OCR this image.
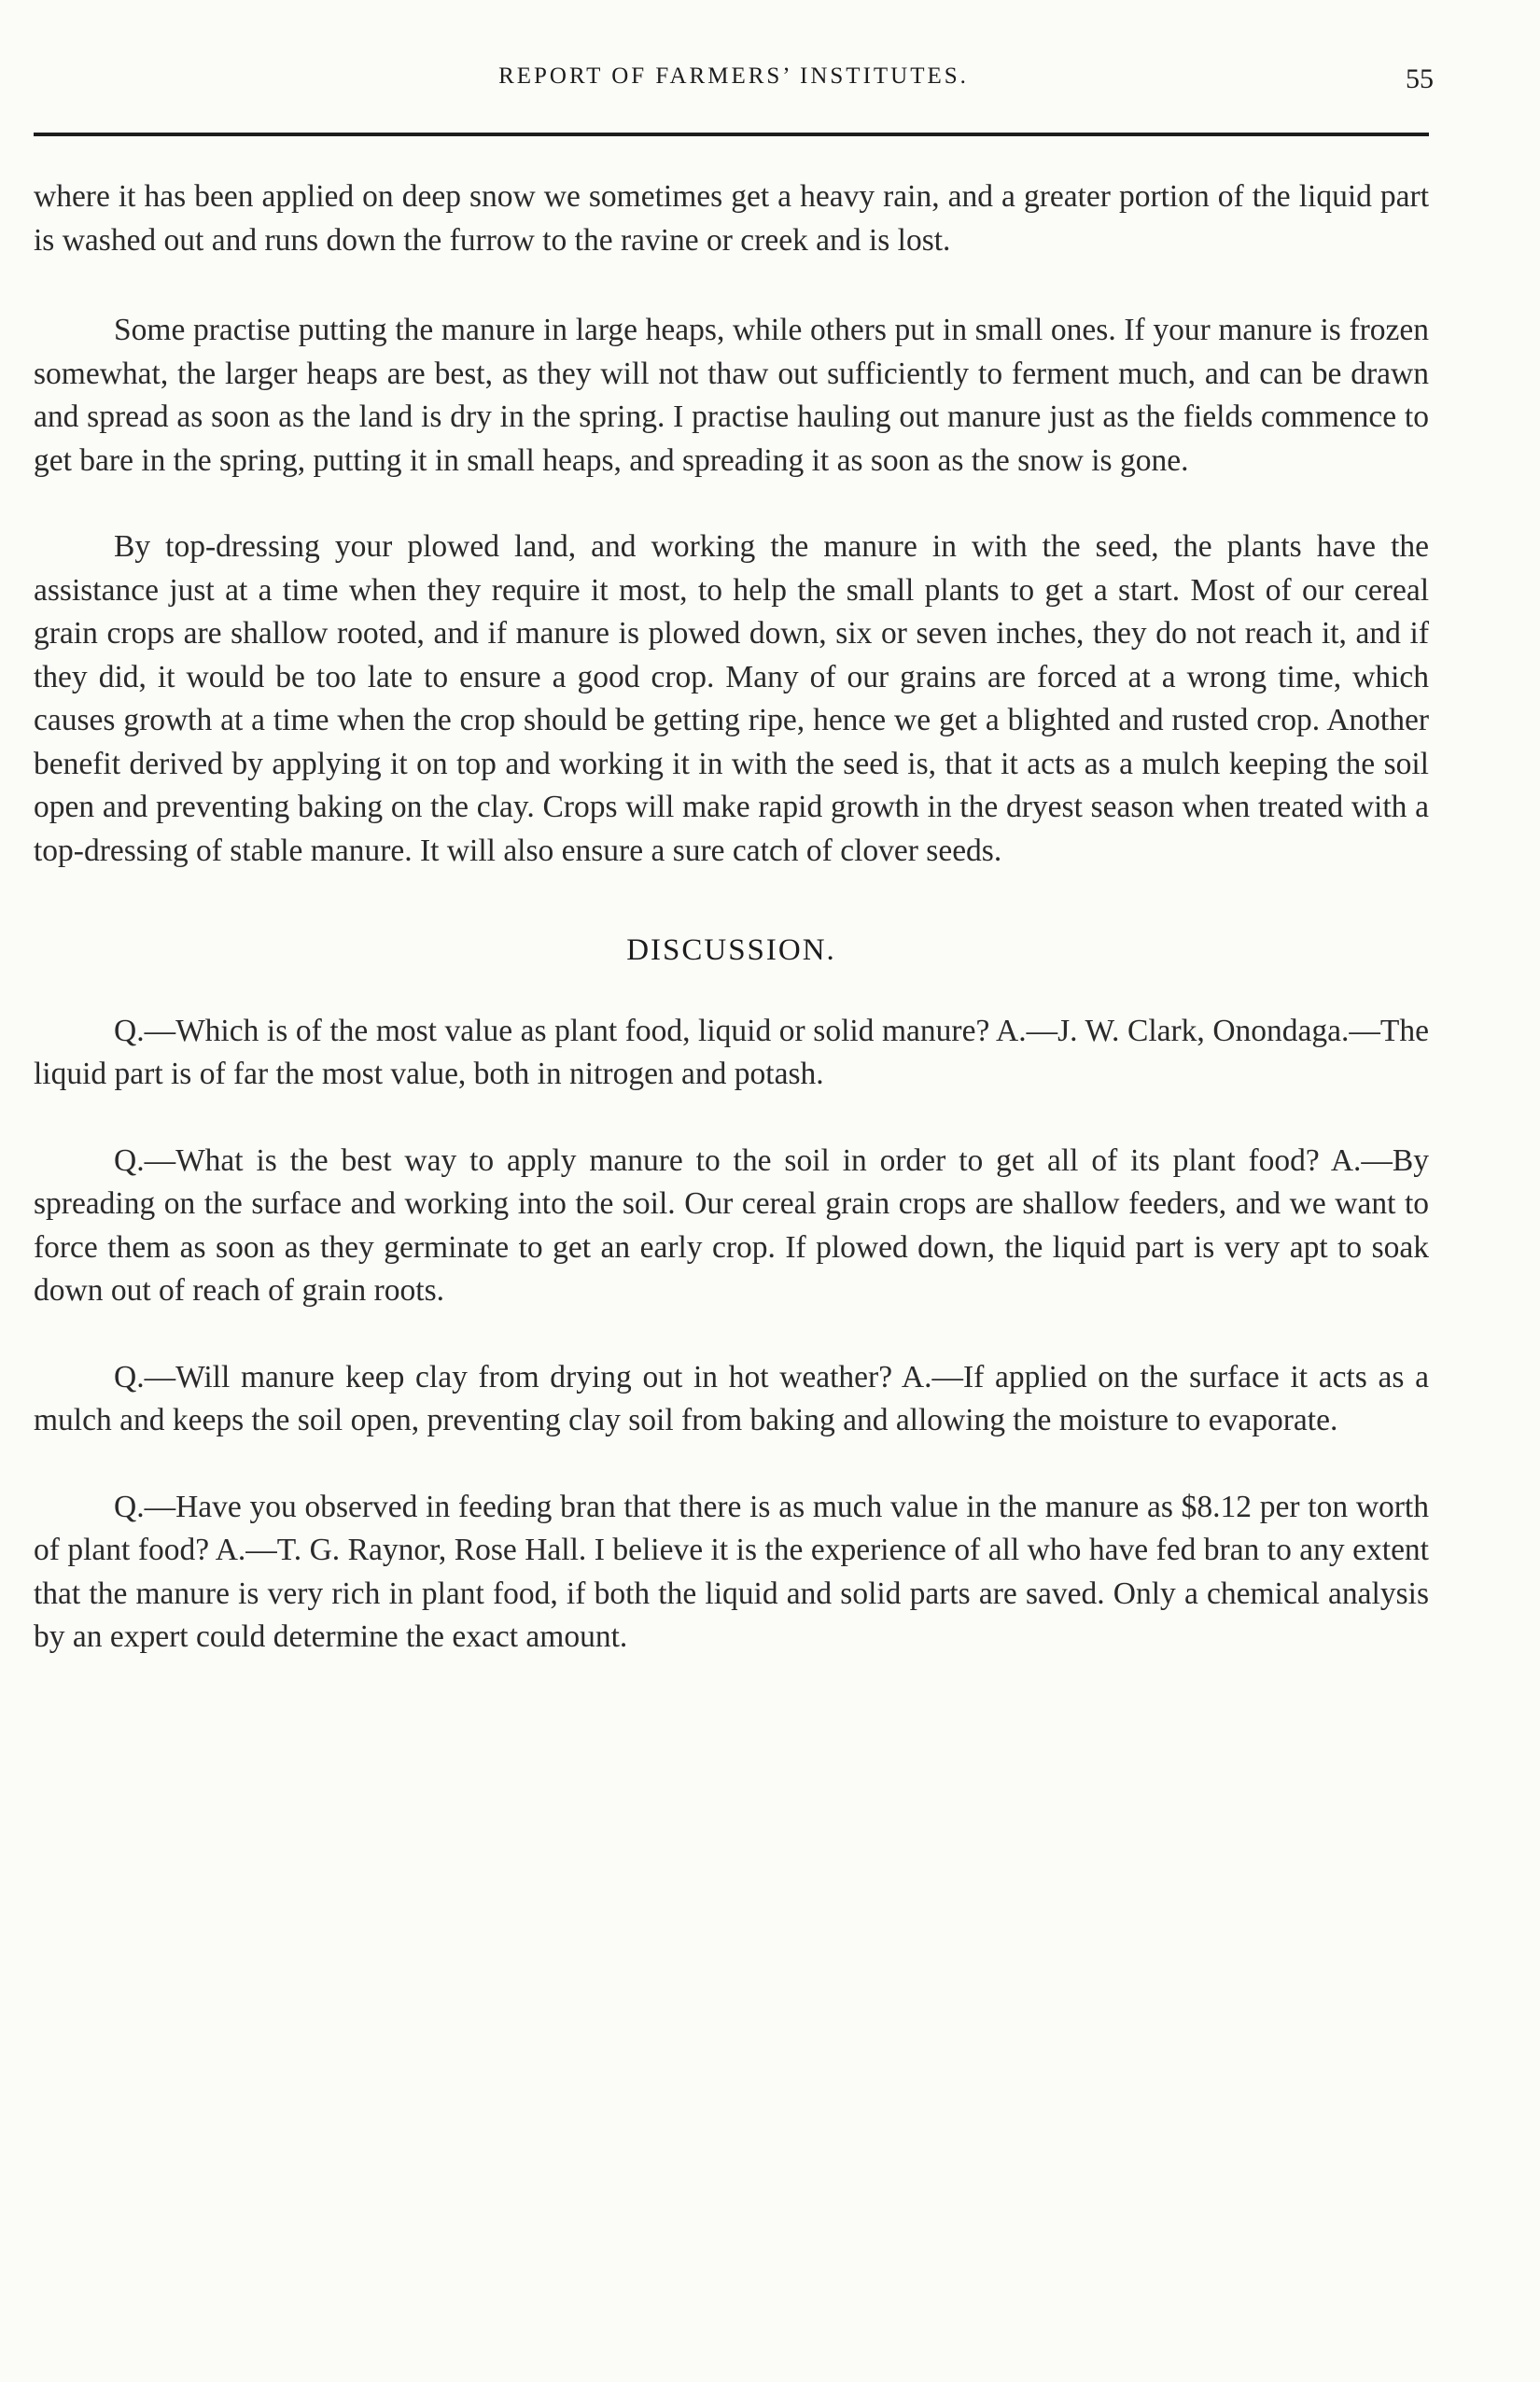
REPORT OF FARMERS’ INSTITUTES.	55

where it has been applied on deep snow we sometimes get a heavy rain, and a greater portion of the liquid part is washed out and runs down the furrow to the ravine or creek and is lost.

Some practise putting the manure in large heaps, while others put in small ones. If your manure is frozen somewhat, the larger heaps are best, as they will not thaw out sufficiently to ferment much, and can be drawn and spread as soon as the land is dry in the spring. I practise hauling out manure just as the fields commence to get bare in the spring, putting it in small heaps, and spreading it as soon as the snow is gone.

By top-dressing your plowed land, and working the manure in with the seed, the plants have the assistance just at a time when they require it most, to help the small plants to get a start. Most of our cereal grain crops are shallow rooted, and if manure is plowed down, six or seven inches, they do not reach it, and if they did, it would be too late to ensure a good crop. Many of our grains are forced at a wrong time, which causes growth at a time when the crop should be getting ripe, hence we get a blighted and rusted crop. Another benefit derived by applying it on top and working it in with the seed is, that it acts as a mulch keeping the soil open and preventing baking on the clay. Crops will make rapid growth in the dryest season when treated with a top-dressing of stable manure. It will also ensure a sure catch of clover seeds.

DISCUSSION.

Q.—Which is of the most value as plant food, liquid or solid manure? A.—J. W. Clark, Onondaga.—The liquid part is of far the most value, both in nitrogen and potash.

Q.—What is the best way to apply manure to the soil in order to get all of its plant food? A.—By spreading on the surface and working into the soil. Our cereal grain crops are shallow feeders, and we want to force them as soon as they germinate to get an early crop. If plowed down, the liquid part is very apt to soak down out of reach of grain roots.

Q.—Will manure keep clay from drying out in hot weather? A.—If applied on the surface it acts as a mulch and keeps the soil open, preventing clay soil from baking and allowing the moisture to evaporate.

Q.—Have you observed in feeding bran that there is as much value in the manure as $8.12 per ton worth of plant food? A.—T. G. Raynor, Rose Hall. I believe it is the experience of all who have fed bran to any extent that the manure is very rich in plant food, if both the liquid and solid parts are saved. Only a chemical analysis by an expert could determine the exact amount.
